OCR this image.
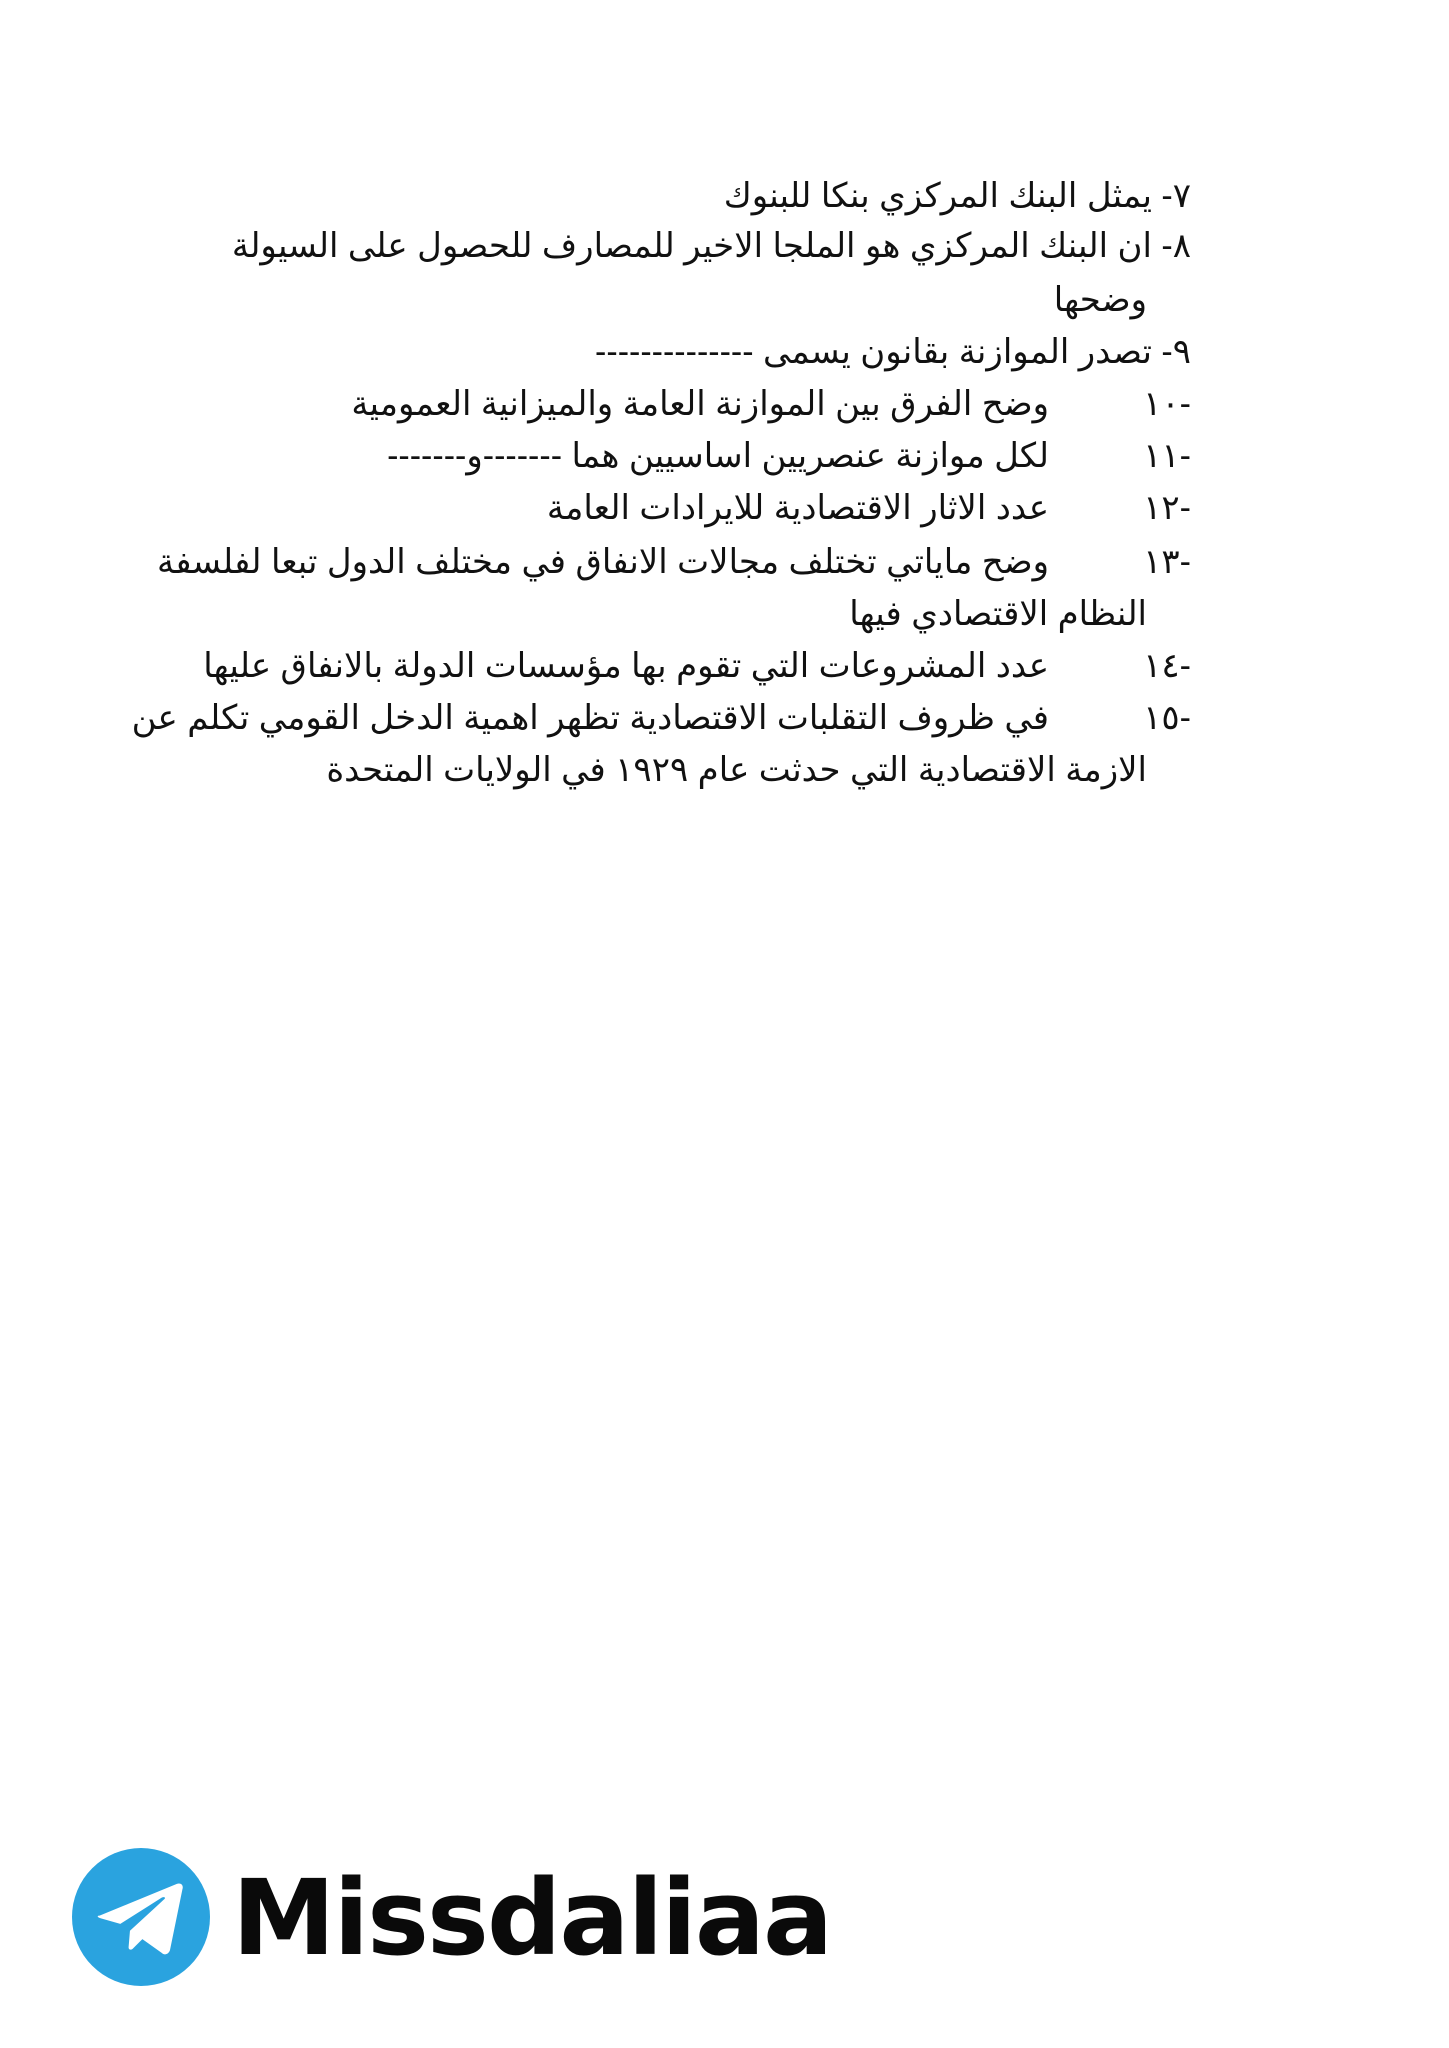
٧- يمثل البنك المركزي بنكا للبنوك
٨- ان البنك المركزي هو الملجا الاخير للمصارف للحصول على السيولة
وضحها
٩- تصدر الموازنة بقانون يسمى --------------
-١٠
وضح الفرق بين الموازنة العامة والميزانية العمومية
-١١
لكل موازنة عنصريين اساسيين هما -------و-------
-١٢
عدد الاثار الاقتصادية للايرادات العامة
-١٣
وضح مایاتي تختلف مجالات الانفاق في مختلف الدول تبعا لفلسفة
النظام الاقتصادي فيها
-١٤
عدد المشروعات التي تقوم بها مؤسسات الدولة بالانفاق عليها
-١٥
في ظروف التقلبات الاقتصادية تظهر اهمية الدخل القومي تكلم عن
الازمة الاقتصادية التي حدثت عام ١٩٢٩ في الولايات المتحدة
Missdaliaa
